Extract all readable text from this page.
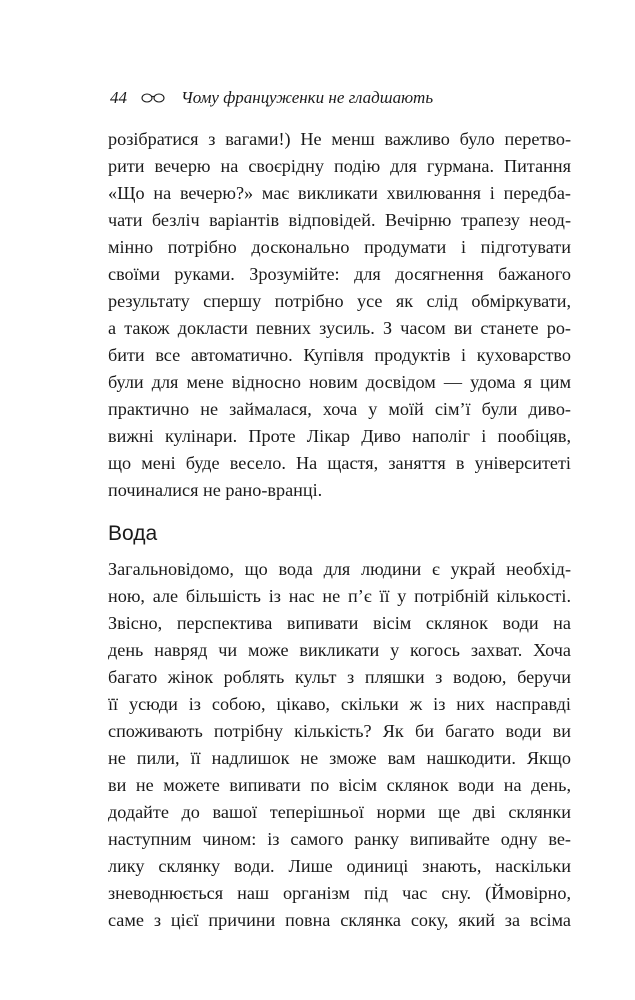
44	Чому француженки не гладшають

розібратися з вагами!) Не менш важливо було перетво-

рити вечерю на своєрідну подію для гурмана. Питання

«Що на вечерю?» має викликати хвилювання і передба-

чати безліч варіантів відповідей. Вечірню трапезу неод-

мінно потрібно досконально продумати і підготувати

своїми руками. Зрозумійте: для досягнення бажаного

результату спершу потрібно усе як слід обміркувати,

а також докласти певних зусиль. З часом ви станете ро-

бити все автоматично. Купівля продуктів і куховарство

були для мене відносно новим досвідом — удома я цим

практично не займалася, хоча у моїй сім’ї були диво-

вижні кулінари. Проте Лікар Диво наполіг і пообіцяв,

що мені буде весело. На щастя, заняття в університеті

починалися не рано-вранці.

Вода

Загальновідомо, що вода для людини є украй необхід-

ною, але більшість із нас не п’є її у потрібній кількості.

Звісно, перспектива випивати вісім склянок води на

день навряд чи може викликати у когось захват. Хоча

багато жінок роблять культ з пляшки з водою, беручи

її усюди із собою, цікаво, скільки ж із них насправді

споживають потрібну кількість? Як би багато води ви

не пили, її надлишок не зможе вам нашкодити. Якщо

ви не можете випивати по вісім склянок води на день,

додайте до вашої теперішньої норми ще дві склянки

наступним чином: із самого ранку випивайте одну ве-

лику склянку води. Лише одиниці знають, наскільки

зневоднюється наш організм під час сну. (Ймовірно,

саме з цієї причини повна склянка соку, який за всіма
